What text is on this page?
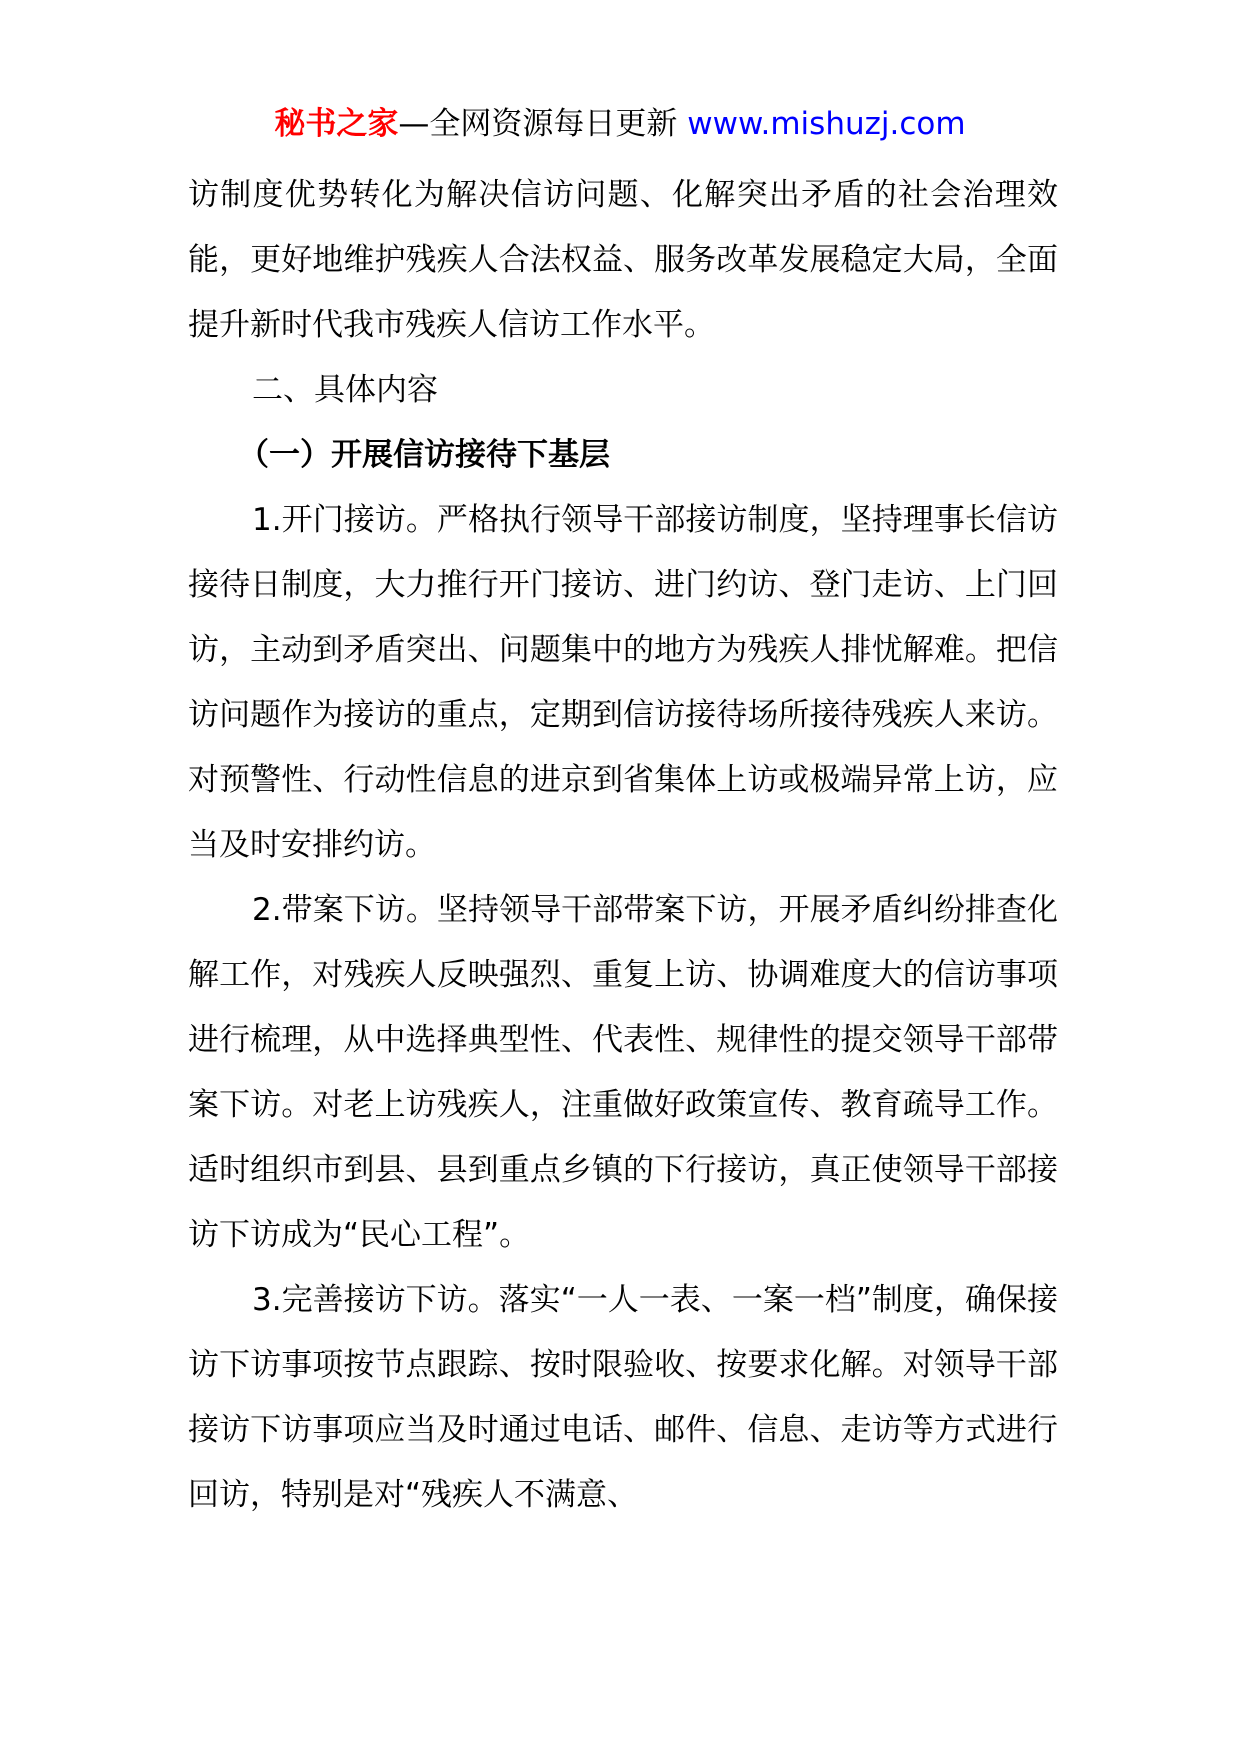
秘书之家—全网资源每日更新 www.mishuzj.com

访制度优势转化为解决信访问题、化解突出矛盾的社会治理效能，更好地维护残疾人合法权益、服务改革发展稳定大局，全面提升新时代我市残疾人信访工作水平。

二、具体内容

（一）开展信访接待下基层

1.开门接访。严格执行领导干部接访制度，坚持理事长信访接待日制度，大力推行开门接访、进门约访、登门走访、上门回访，主动到矛盾突出、问题集中的地方为残疾人排忧解难。把信访问题作为接访的重点，定期到信访接待场所接待残疾人来访。对预警性、行动性信息的进京到省集体上访或极端异常上访，应当及时安排约访。

2.带案下访。坚持领导干部带案下访，开展矛盾纠纷排查化解工作，对残疾人反映强烈、重复上访、协调难度大的信访事项进行梳理，从中选择典型性、代表性、规律性的提交领导干部带案下访。对老上访残疾人，注重做好政策宣传、教育疏导工作。适时组织市到县、县到重点乡镇的下行接访，真正使领导干部接访下访成为“民心工程”。

3.完善接访下访。落实“一人一表、一案一档”制度，确保接访下访事项按节点跟踪、按时限验收、按要求化解。对领导干部接访下访事项应当及时通过电话、邮件、信息、走访等方式进行回访，特别是对“残疾人不满意、
